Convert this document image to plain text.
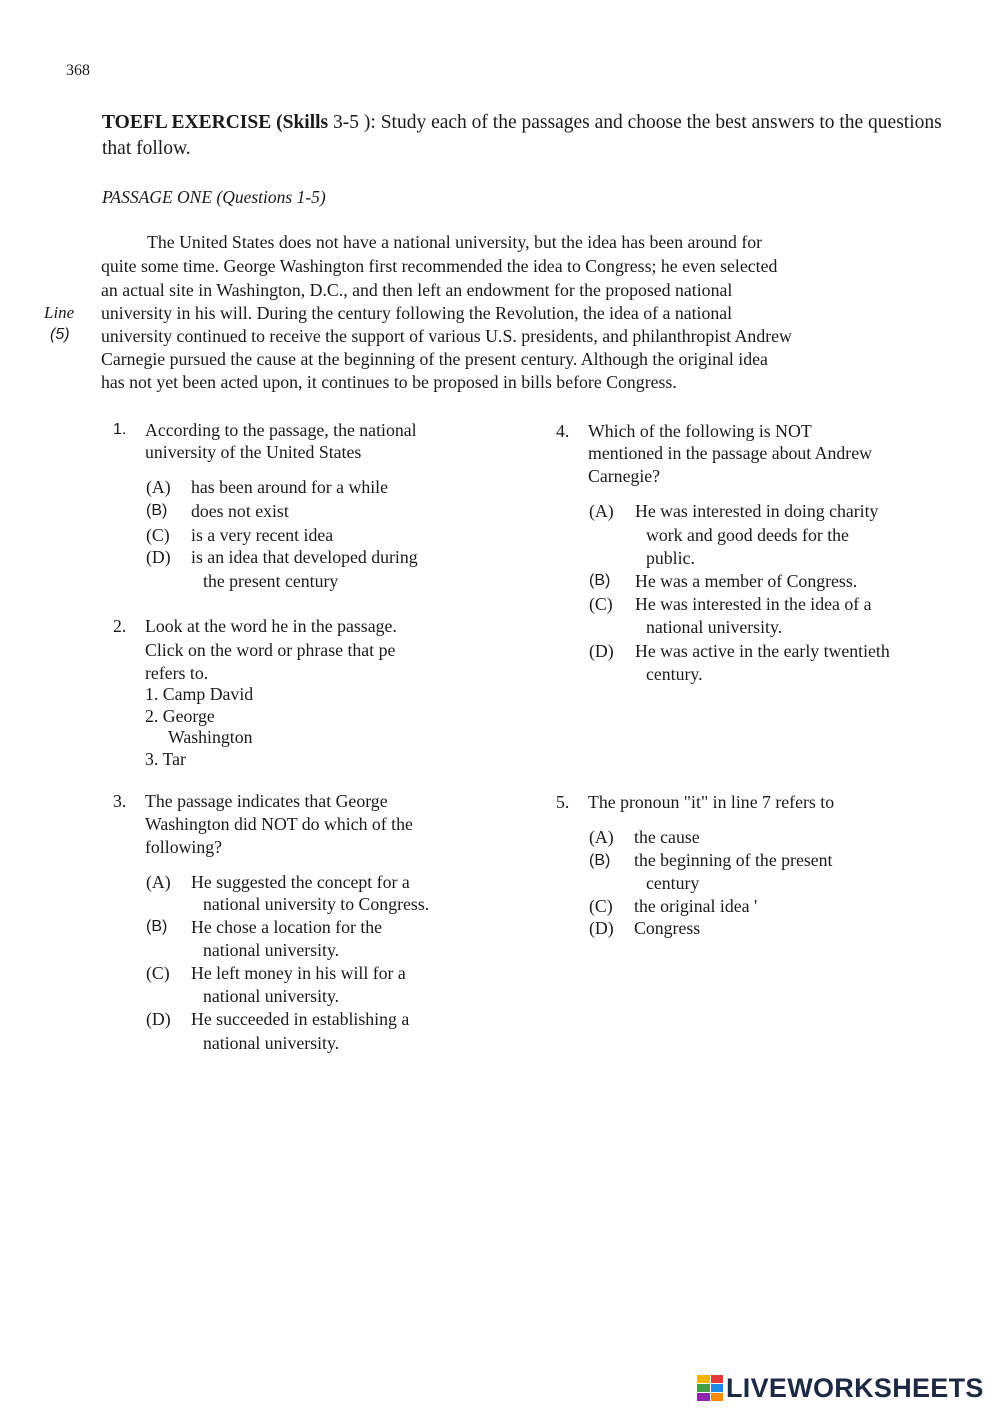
368
TOEFL EXERCISE (Skills 3-5 ): Study each of the passages and choose the best answers to the questions that follow.
PASSAGE ONE (Questions 1-5)
The United States does not have a national university, but the idea has been around for
quite some time. George Washington first recommended the idea to Congress; he even selected
an actual site in Washington, D.C., and then left an endowment for the proposed national
university in his will. During the century following the Revolution, the idea of a national
university continued to receive the support of various U.S. presidents, and philanthropist Andrew
Carnegie pursued the cause at the beginning of the present century. Although the original idea
has not yet been acted upon, it continues to be proposed in bills before Congress.
Line
(5)
1. According to the passage, the national
university of the United States
(A) has been around for a while
(B) does not exist
(C) is a very recent idea
(D) is an idea that developed during
the present century
2. Look at the word he in the passage.
Click on the word or phrase that pe
refers to.
1. Camp David
2. George
Washington
3. Tar
3. The passage indicates that George
Washington did NOT do which of the
following?
(A) He suggested the concept for a
national university to Congress.
(B) He chose a location for the
national university.
(C) He left money in his will for a
national university.
(D) He succeeded in establishing a
national university.
4. Which of the following is NOT
mentioned in the passage about Andrew
Carnegie?
(A) He was interested in doing charity
work and good deeds for the
public.
(B) He was a member of Congress.
(C) He was interested in the idea of a
national university.
(D) He was active in the early twentieth
century.
5. The pronoun "it" in line 7 refers to
(A) the cause
(B) the beginning of the present
century
(C) the original idea '
(D) Congress
LIVEWORKSHEETS
